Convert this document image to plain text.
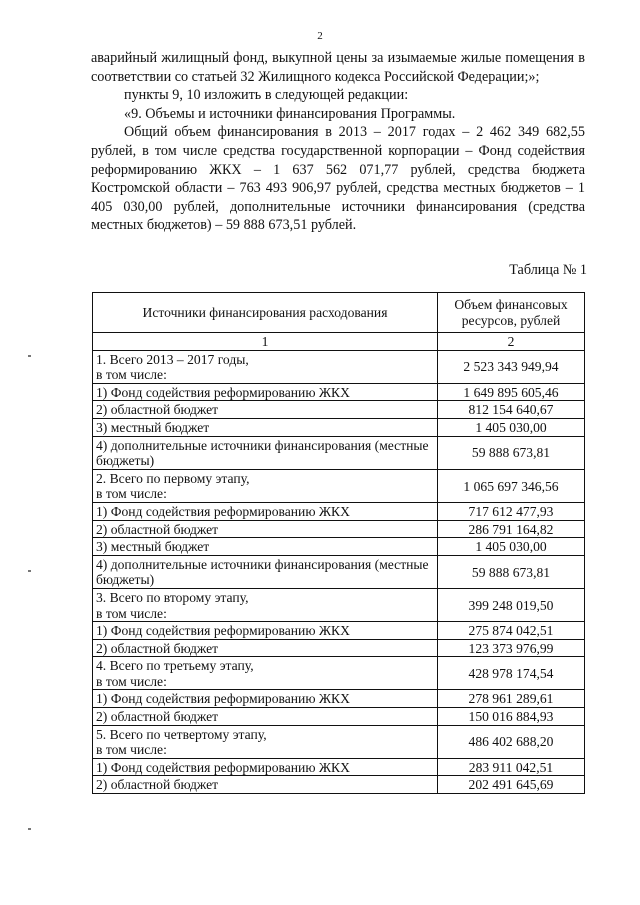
2

аварийный жилищный фонд, выкупной цены за изымаемые жилые помещения в соответствии со статьей 32 Жилищного кодекса Российской Федерации;»;

пункты 9, 10 изложить в следующей редакции:

«9. Объемы и источники финансирования Программы.

Общий объем финансирования в 2013 – 2017 годах – 2 462 349 682,55 рублей, в том числе средства государственной корпорации – Фонд содействия реформированию ЖКХ – 1 637 562 071,77 рублей, средства бюджета Костромской области – 763 493 906,97 рублей, средства местных бюджетов – 1 405 030,00 рублей, дополнительные источники финансирования (средства местных бюджетов) – 59 888 673,51 рублей.

Таблица № 1
Источники финансирования расходования	Объем финансовых ресурсов, рублей
1	2

1. Всего 2013 – 2017 годы,
в том числе:	2 523 343 949,94

1) Фонд содействия реформированию ЖКХ	1 649 895 605,46

2) областной бюджет	812 154 640,67

3) местный бюджет	1 405 030,00

4) дополнительные источники финансирования (местные бюджеты)	59 888 673,81

2. Всего по первому этапу,
в том числе:	1 065 697 346,56

1) Фонд содействия реформированию ЖКХ	717 612 477,93

2) областной бюджет	286 791 164,82

3) местный бюджет	1 405 030,00

4) дополнительные источники финансирования (местные бюджеты)	59 888 673,81

3. Всего по второму этапу,
в том числе:	399 248 019,50

1) Фонд содействия реформированию ЖКХ	275 874 042,51

2) областной бюджет	123 373 976,99

4. Всего по третьему этапу,
в том числе:	428 978 174,54

1) Фонд содействия реформированию ЖКХ	278 961 289,61

2) областной бюджет	150 016 884,93

5. Всего по четвертому этапу,
в том числе:	486 402 688,20

1) Фонд содействия реформированию ЖКХ	283 911 042,51

2) областной бюджет	202 491 645,69
